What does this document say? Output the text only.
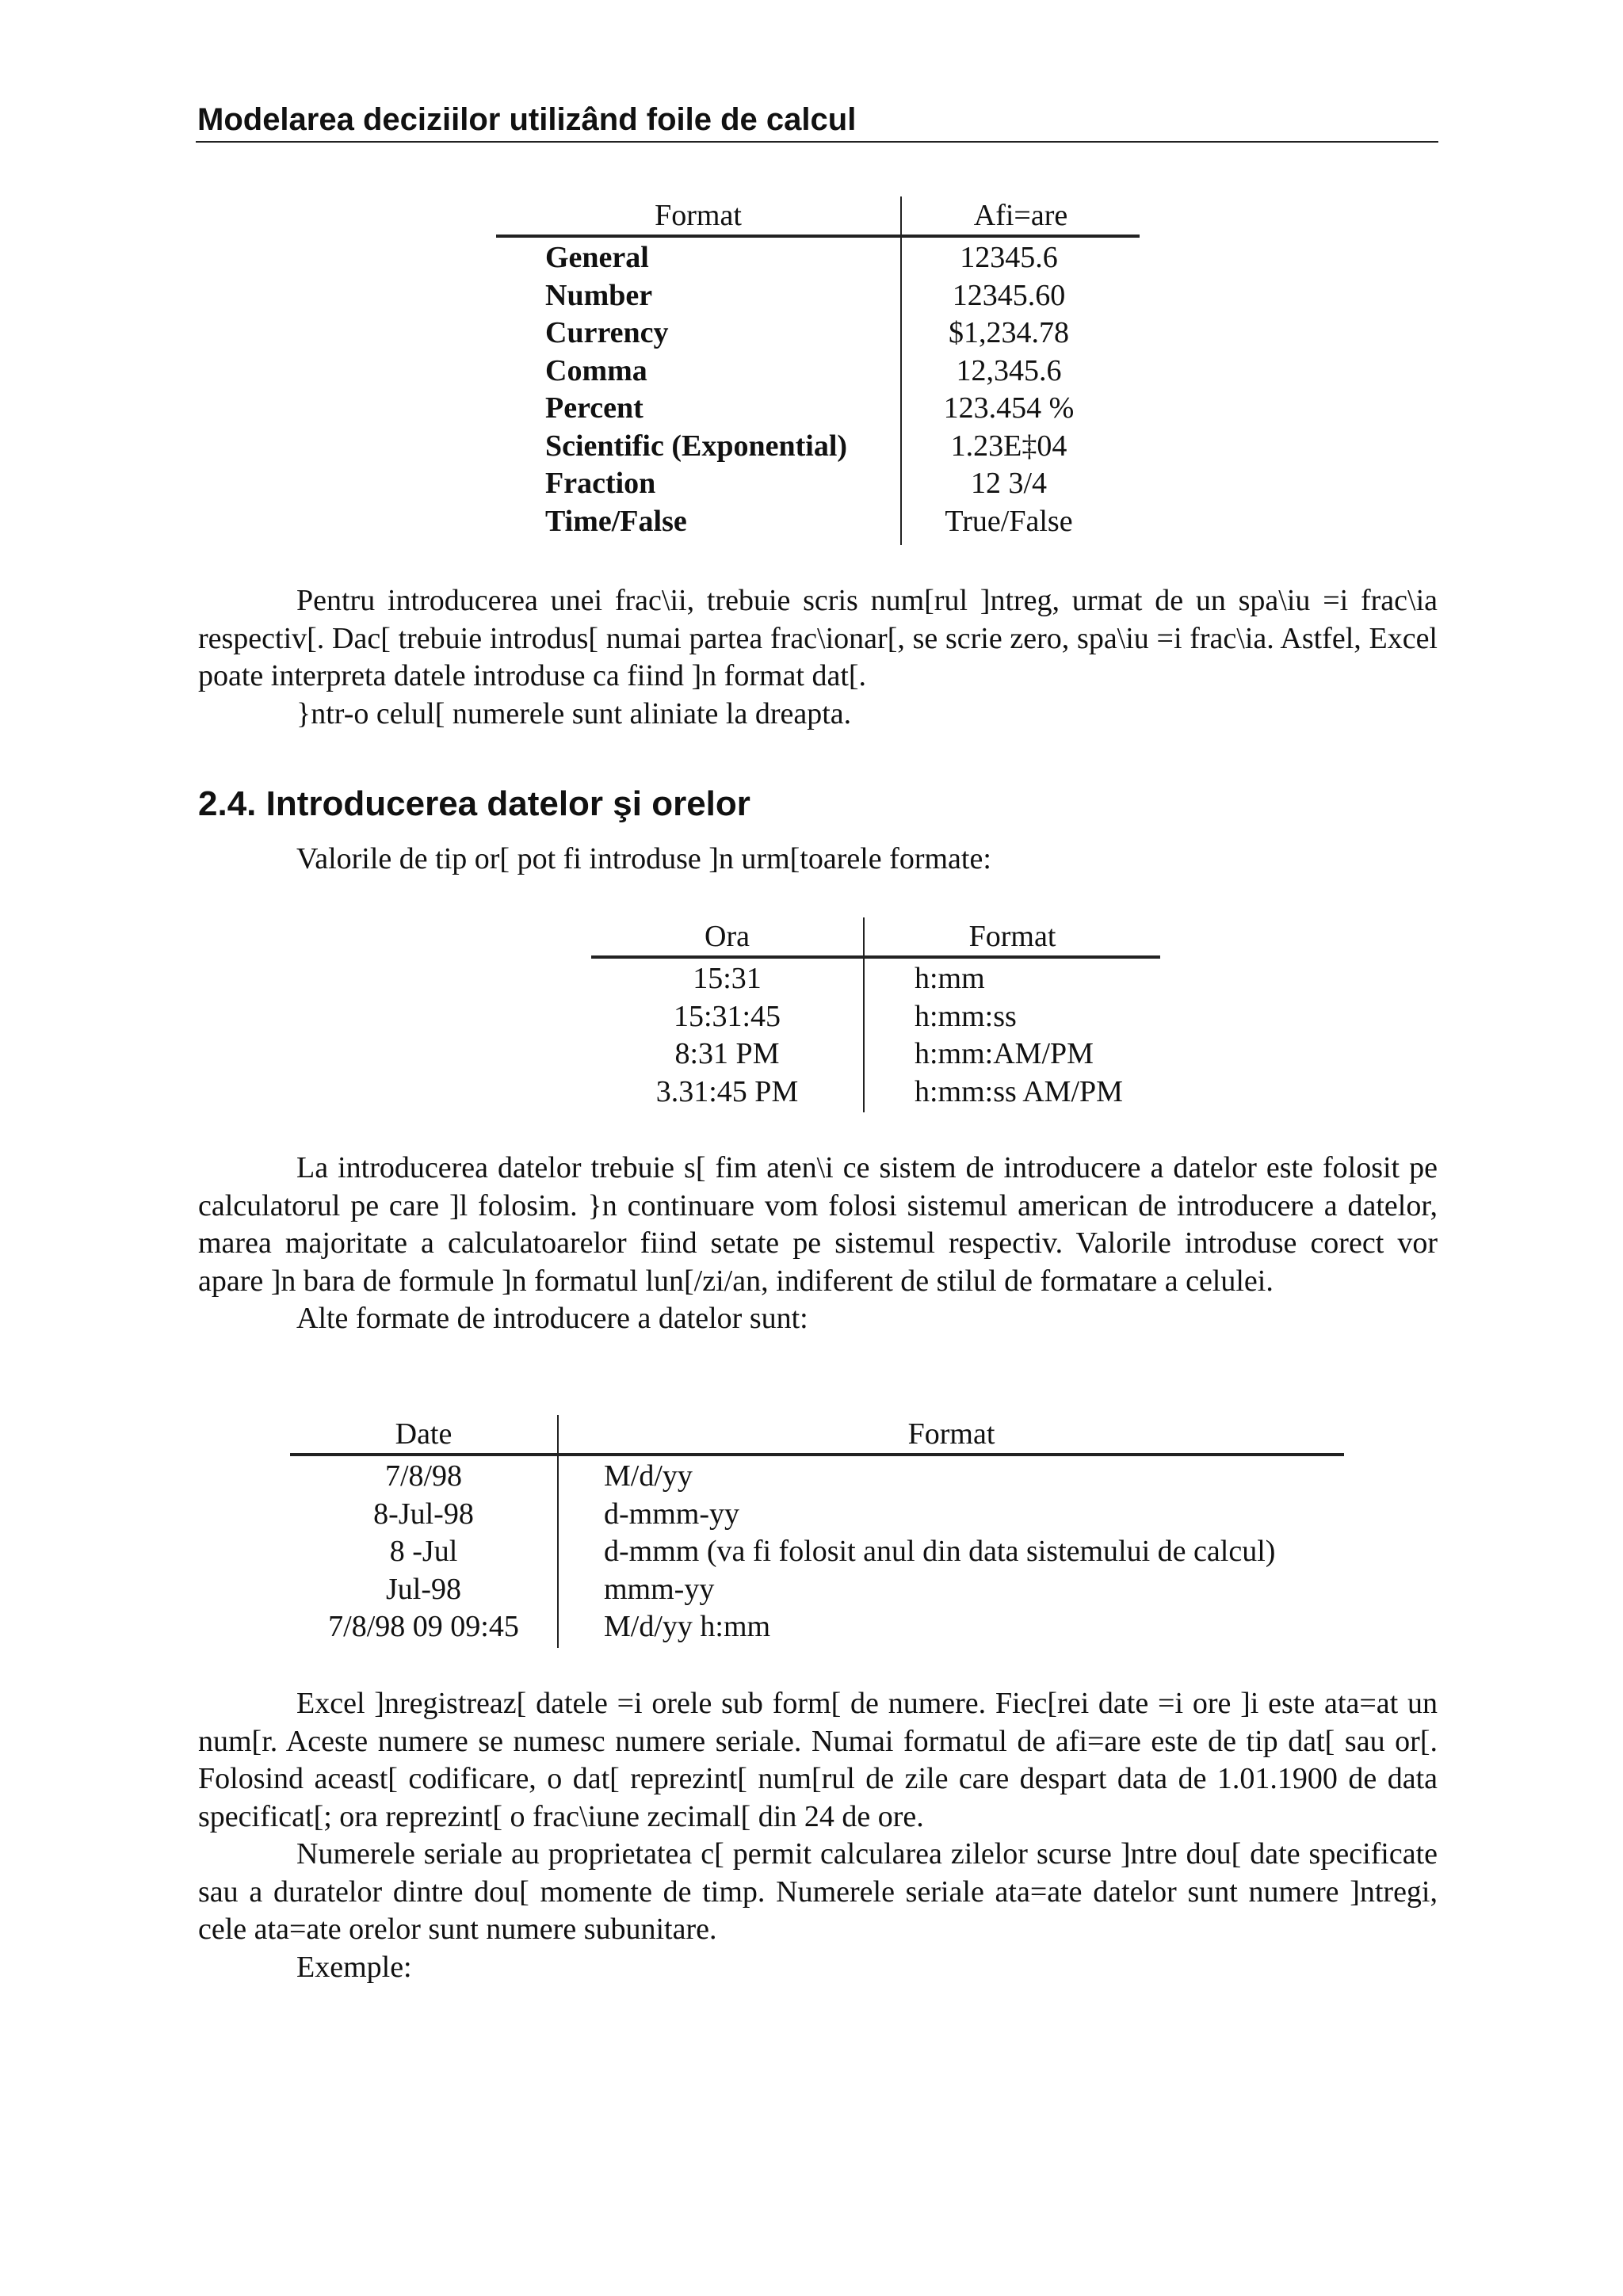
Modelarea deciziilor utilizând foile de calcul
Format	Afi=are
General	12345.6
Number	12345.60
Currency	$1,234.78
Comma	12,345.6
Percent	123.454 %
Scientific (Exponential)	1.23E‡04
Fraction	12 3/4
Time/False	True/False

Pentru introducerea unei frac\ii, trebuie scris num[rul ]ntreg, urmat de un spa\iu =i frac\ia respectiv[. Dac[ trebuie introdus[ numai partea frac\ionar[, se scrie zero, spa\iu =i frac\ia. Astfel, Excel poate interpreta datele introduse ca fiind ]n format dat[.

}ntr-o celul[ numerele sunt aliniate la dreapta.

2.4. Introducerea datelor şi orelor
Valorile de tip or[ pot fi introduse ]n urm[toarele formate:
Ora	Format
15:31	h:mm
15:31:45	h:mm:ss
8:31 PM	h:mm:AM/PM
3.31:45 PM	h:mm:ss AM/PM

La introducerea datelor trebuie s[ fim aten\i ce sistem de introducere a datelor este folosit pe calculatorul pe care ]l folosim. }n continuare vom folosi sistemul american de introducere a datelor, marea majoritate a calculatoarelor fiind setate pe sistemul respectiv. Valorile introduse corect vor apare ]n bara de formule ]n formatul lun[/zi/an, indiferent de stilul de formatare a celulei.

Alte formate de introducere a datelor sunt:

Date	Format
7/8/98	M/d/yy
8-Jul-98	d-mmm-yy
8 -Jul	d-mmm (va fi folosit anul din data sistemului de calcul)
Jul-98	mmm-yy
7/8/98 09 09:45	M/d/yy h:mm

Excel ]nregistreaz[ datele =i orele sub form[ de numere. Fiec[rei date =i ore ]i este ata=at un num[r. Aceste numere se numesc numere seriale. Numai formatul de afi=are este de tip dat[ sau or[. Folosind aceast[ codificare, o dat[ reprezint[ num[rul de zile care despart data de 1.01.1900 de data specificat[; ora reprezint[ o frac\iune zecimal[ din 24 de ore.

Numerele seriale au proprietatea c[ permit calcularea zilelor scurse ]ntre dou[ date specificate sau a duratelor dintre dou[ momente de timp. Numerele seriale ata=ate datelor sunt numere ]ntregi, cele ata=ate orelor sunt numere subunitare.

Exemple:
